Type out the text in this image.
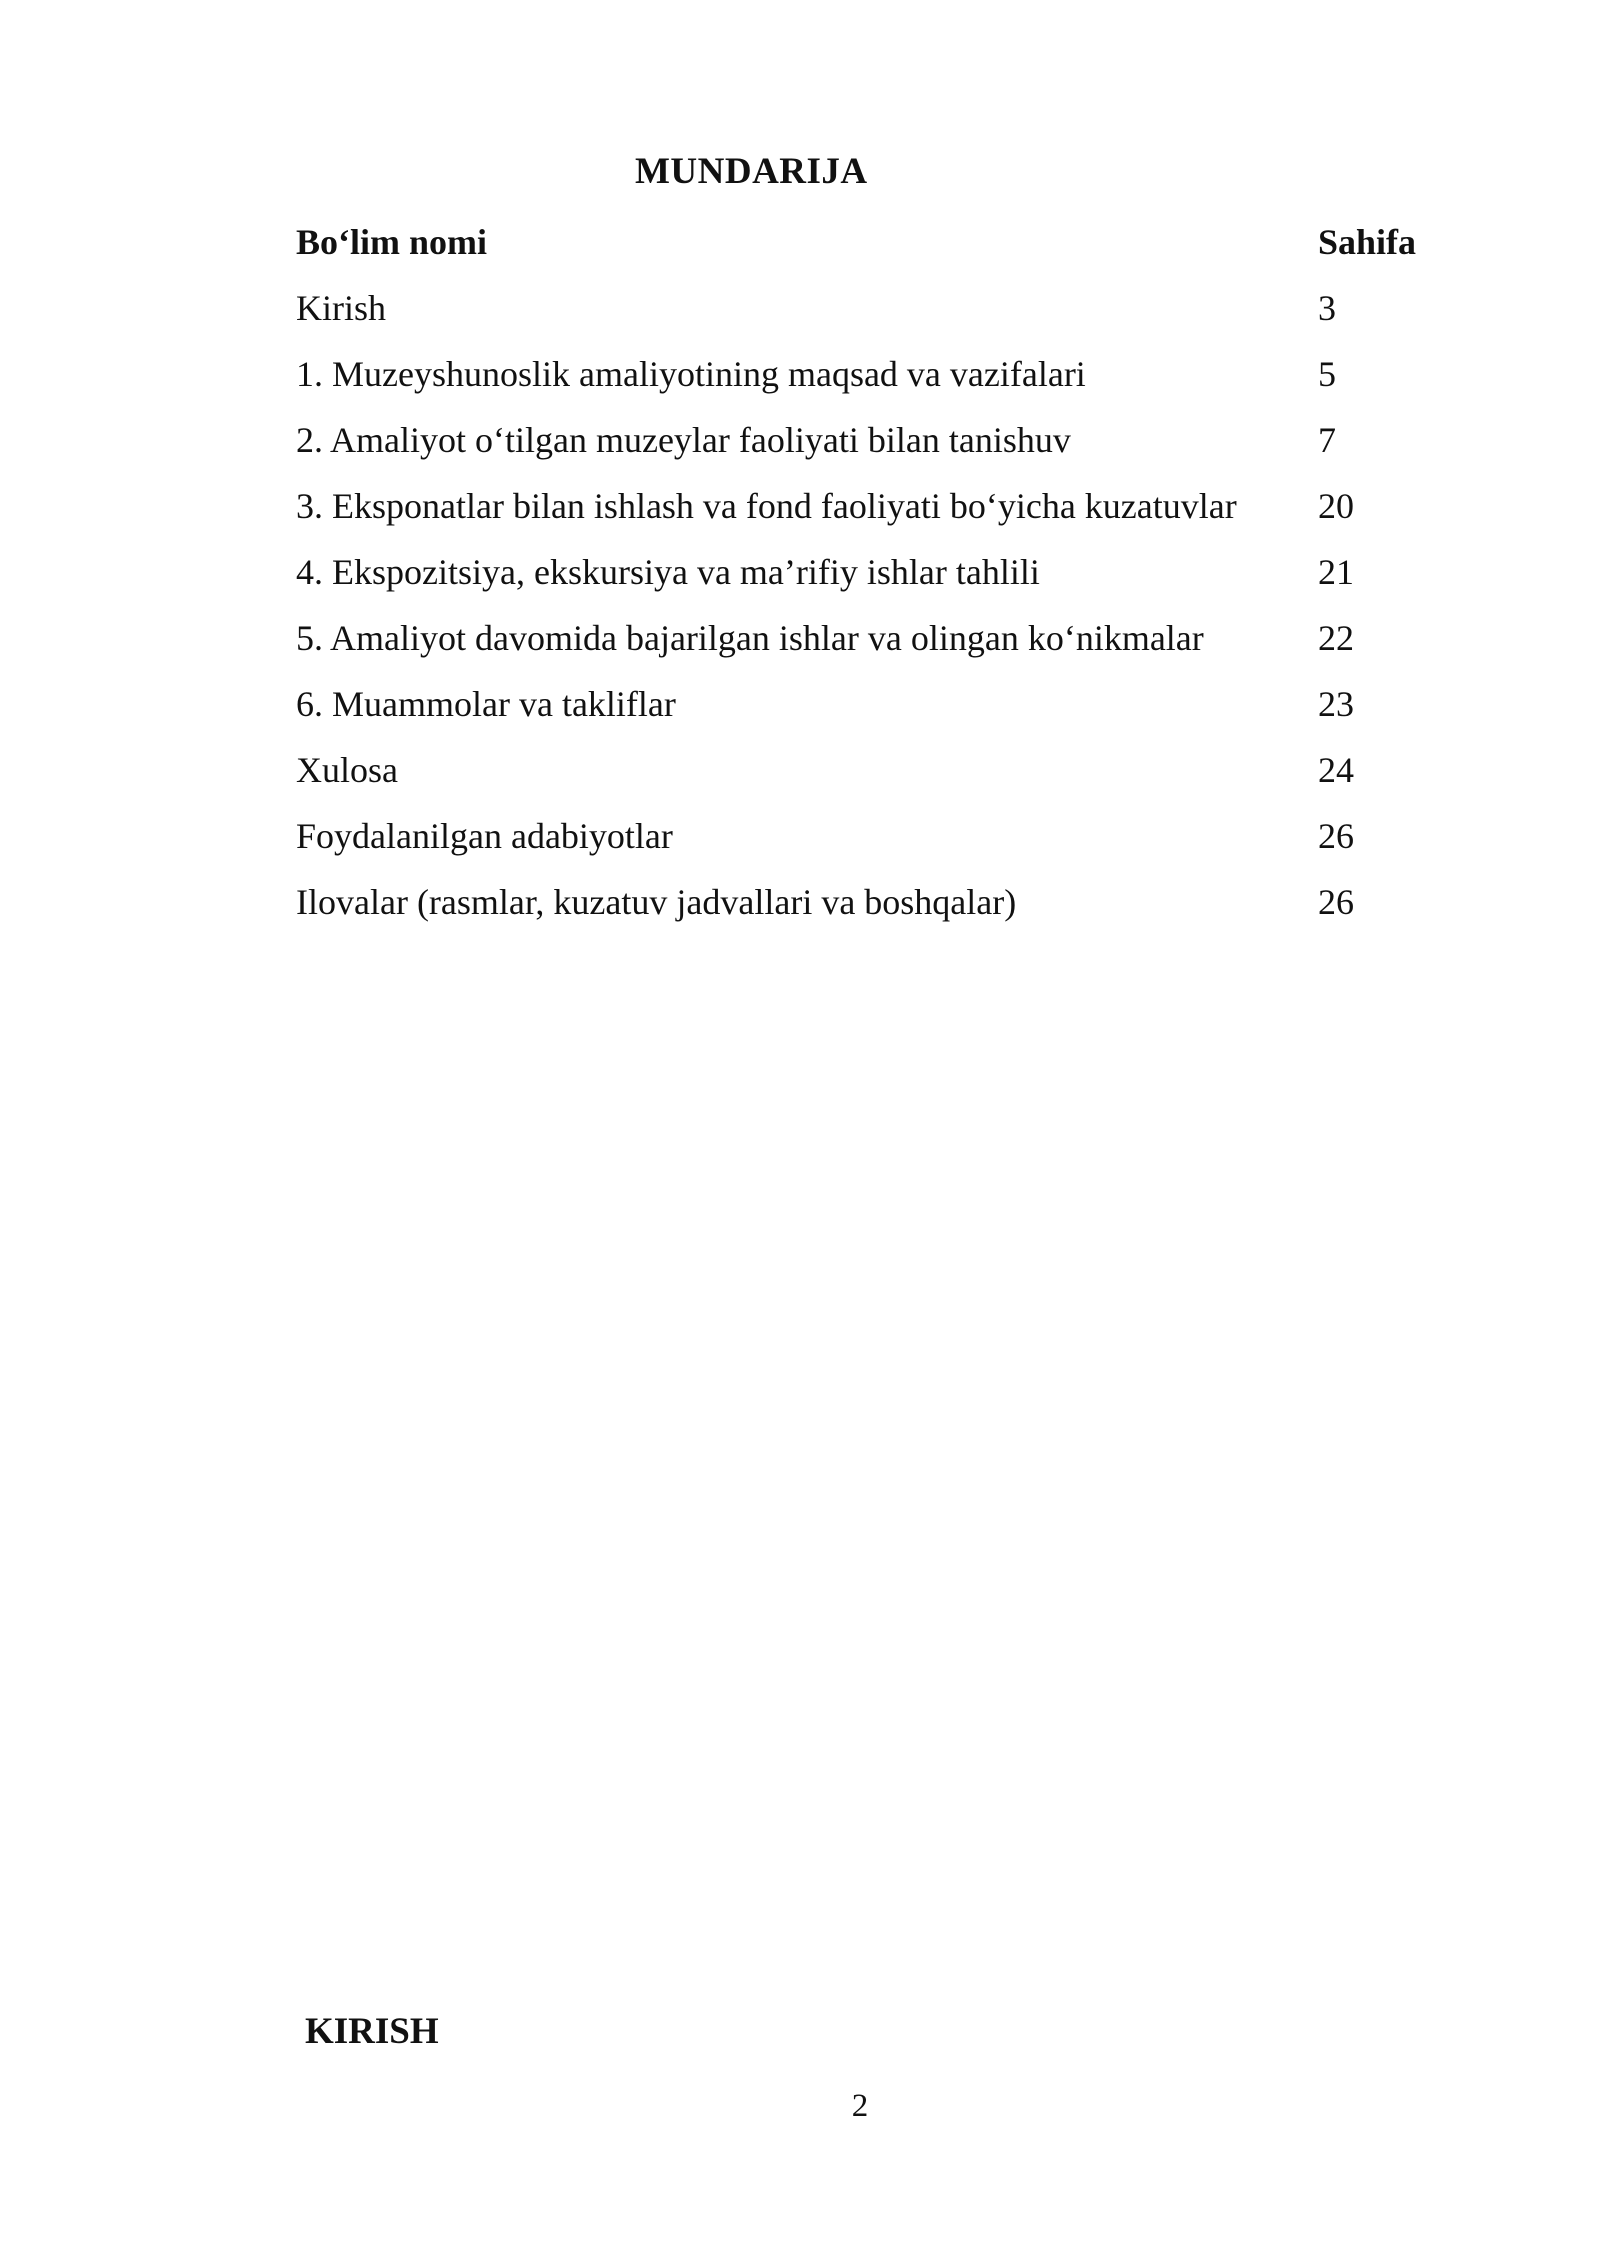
MUNDARIJA
Bo‘lim nomi	Sahifa
Kirish	3
1. Muzeyshunoslik amaliyotining maqsad va vazifalari	5
2. Amaliyot o‘tilgan muzeylar faoliyati bilan tanishuv	7
3. Eksponatlar bilan ishlash va fond faoliyati bo‘yicha kuzatuvlar 20
4. Ekspozitsiya, ekskursiya va ma’rifiy ishlar tahlili	21
5. Amaliyot davomida bajarilgan ishlar va olingan ko‘nikmalar	22
6. Muammolar va takliflar	23
Xulosa	24
Foydalanilgan adabiyotlar	26
Ilovalar (rasmlar, kuzatuv jadvallari va boshqalar)	26
KIRISH
2
